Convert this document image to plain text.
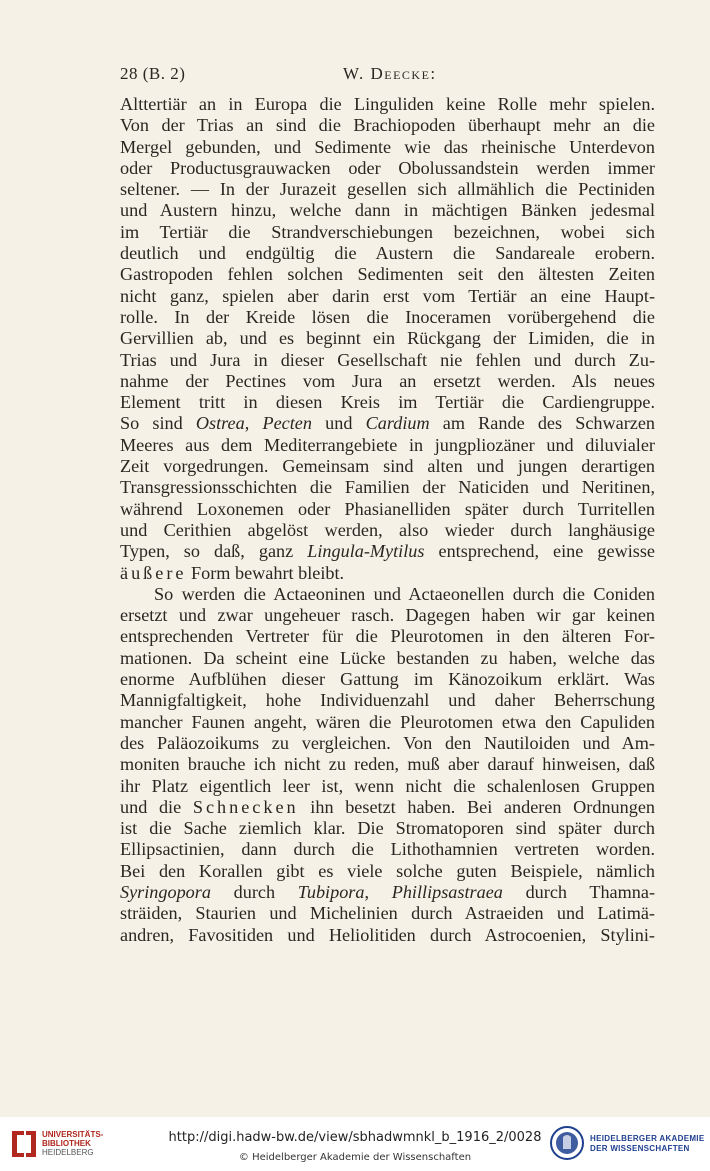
28 (B. 2)	W. Deecke:
Alttertiär an in Europa die Linguliden keine Rolle mehr spielen.
Von der Trias an sind die Brachiopoden überhaupt mehr an die
Mergel gebunden, und Sedimente wie das rheinische Unterdevon
oder Productusgrauwacken oder Obolussandstein werden immer
seltener. — In der Jurazeit gesellen sich allmählich die Pectiniden
und Austern hinzu, welche dann in mächtigen Bänken jedesmal
im Tertiär die Strandverschiebungen bezeichnen, wobei sich
deutlich und endgültig die Austern die Sandareale erobern.
Gastropoden fehlen solchen Sedimenten seit den ältesten Zeiten
nicht ganz, spielen aber darin erst vom Tertiär an eine Haupt-
rolle. In der Kreide lösen die Inoceramen vorübergehend die
Gervillien ab, und es beginnt ein Rückgang der Limiden, die in
Trias und Jura in dieser Gesellschaft nie fehlen und durch Zu-
nahme der Pectines vom Jura an ersetzt werden. Als neues
Element tritt in diesen Kreis im Tertiär die Cardiengruppe.
So sind Ostrea, Pecten und Cardium am Rande des Schwarzen
Meeres aus dem Mediterrangebiete in jungpliozäner und diluvialer
Zeit vorgedrungen. Gemeinsam sind alten und jungen derartigen
Transgressionsschichten die Familien der Naticiden und Neritinen,
während Loxonemen oder Phasianelliden später durch Turritellen
und Cerithien abgelöst werden, also wieder durch langhäusige
Typen, so daß, ganz Lingula-Mytilus entsprechend, eine gewisse
äußere Form bewahrt bleibt.
So werden die Actaeoninen und Actaeonellen durch die Coniden
ersetzt und zwar ungeheuer rasch. Dagegen haben wir gar keinen
entsprechenden Vertreter für die Pleurotomen in den älteren For-
mationen. Da scheint eine Lücke bestanden zu haben, welche das
enorme Aufblühen dieser Gattung im Känozoikum erklärt. Was
Mannigfaltigkeit, hohe Individuenzahl und daher Beherrschung
mancher Faunen angeht, wären die Pleurotomen etwa den Capuliden
des Paläozoikums zu vergleichen. Von den Nautiloiden und Am-
moniten brauche ich nicht zu reden, muß aber darauf hinweisen, daß
ihr Platz eigentlich leer ist, wenn nicht die schalenlosen Gruppen
und die Schnecken ihn besetzt haben. Bei anderen Ordnungen
ist die Sache ziemlich klar. Die Stromatoporen sind später durch
Ellipsactinien, dann durch die Lithothamnien vertreten worden.
Bei den Korallen gibt es viele solche guten Beispiele, nämlich
Syringopora durch Tubipora, Phillipsastraea durch Thamna-
sträiden, Staurien und Michelinien durch Astraeiden und Latimä-
andren, Favositiden und Heliolitiden durch Astrocoenien, Stylini-
UNIVERSITÄTS-
BIBLIOTHEK
HEIDELBERG
http://digi.hadw-bw.de/view/sbhadwmnkl_b_1916_2/0028
© Heidelberger Akademie der Wissenschaften
HEIDELBERGER AKADEMIE
DER WISSENSCHAFTEN
